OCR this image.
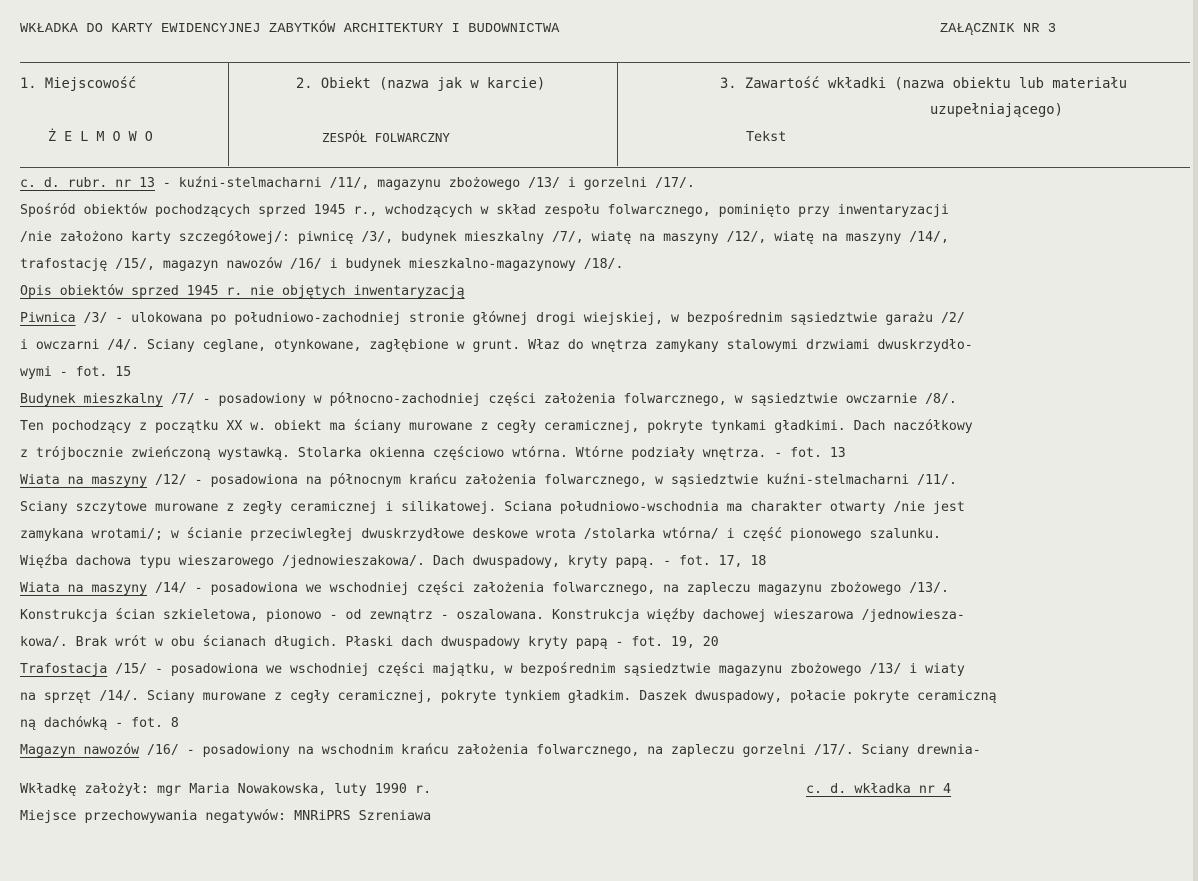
WKŁADKA DO KARTY EWIDENCYJNEJ ZABYTKÓW ARCHITEKTURY I BUDOWNICTWA	ZAŁĄCZNIK NR 3
1. Miejscowość
Ż E L M O W O
2. Obiekt (nazwa jak w karcie)
ZESPÓŁ FOLWARCZNY
3. Zawartość wkładki (nazwa obiektu lub materiału
uzupełniającego)
Tekst
c. d. rubr. nr 13 - kuźni-stelmacharni /11/, magazynu zbożowego /13/ i gorzelni /17/.
Spośród obiektów pochodzących sprzed 1945 r., wchodzących w skład zespołu folwarcznego, pominięto przy inwentaryzacji
/nie założono karty szczegółowej/: piwnicę /3/, budynek mieszkalny /7/, wiatę na maszyny /12/, wiatę na maszyny /14/,
trafostację /15/, magazyn nawozów /16/ i budynek mieszkalno-magazynowy /18/.
Opis obiektów sprzed 1945 r. nie objętych inwentaryzacją
Piwnica /3/ - ulokowana po południowo-zachodniej stronie głównej drogi wiejskiej, w bezpośrednim sąsiedztwie garażu /2/
i owczarni /4/. Sciany ceglane, otynkowane, zagłębione w grunt. Właz do wnętrza zamykany stalowymi drzwiami dwuskrzydło-
wymi - fot. 15
Budynek mieszkalny /7/ - posadowiony w północno-zachodniej części założenia folwarcznego, w sąsiedztwie owczarnie /8/.
Ten pochodzący z początku XX w. obiekt ma ściany murowane z cegły ceramicznej, pokryte tynkami gładkimi. Dach naczółkowy
z trójbocznie zwieńczoną wystawką. Stolarka okienna częściowo wtórna. Wtórne podziały wnętrza. - fot. 13
Wiata na maszyny /12/ - posadowiona na północnym krańcu założenia folwarcznego, w sąsiedztwie kuźni-stelmacharni /11/.
Sciany szczytowe murowane z zegły ceramicznej i silikatowej. Sciana południowo-wschodnia ma charakter otwarty /nie jest
zamykana wrotami/; w ścianie przeciwległej dwuskrzydłowe deskowe wrota /stolarka wtórna/ i część pionowego szalunku.
Więźba dachowa typu wieszarowego /jednowieszakowa/. Dach dwuspadowy, kryty papą. - fot. 17, 18
Wiata na maszyny /14/ - posadowiona we wschodniej części założenia folwarcznego, na zapleczu magazynu zbożowego /13/.
Konstrukcja ścian szkieletowa, pionowo - od zewnątrz - oszalowana. Konstrukcja więźby dachowej wieszarowa /jednowiesza-
kowa/. Brak wrót w obu ścianach długich. Płaski dach dwuspadowy kryty papą - fot. 19, 20
Trafostacja /15/ - posadowiona we wschodniej części majątku, w bezpośrednim sąsiedztwie magazynu zbożowego /13/ i wiaty
na sprzęt /14/. Sciany murowane z cegły ceramicznej, pokryte tynkiem gładkim. Daszek dwuspadowy, połacie pokryte ceramiczną
ną dachówką - fot. 8
Magazyn nawozów /16/ - posadowiony na wschodnim krańcu założenia folwarcznego, na zapleczu gorzelni /17/. Sciany drewnia-
Wkładkę założył: mgr Maria Nowakowska, luty 1990 r.	c. d. wkładka nr 4
Miejsce przechowywania negatywów: MNRiPRS Szreniawa
